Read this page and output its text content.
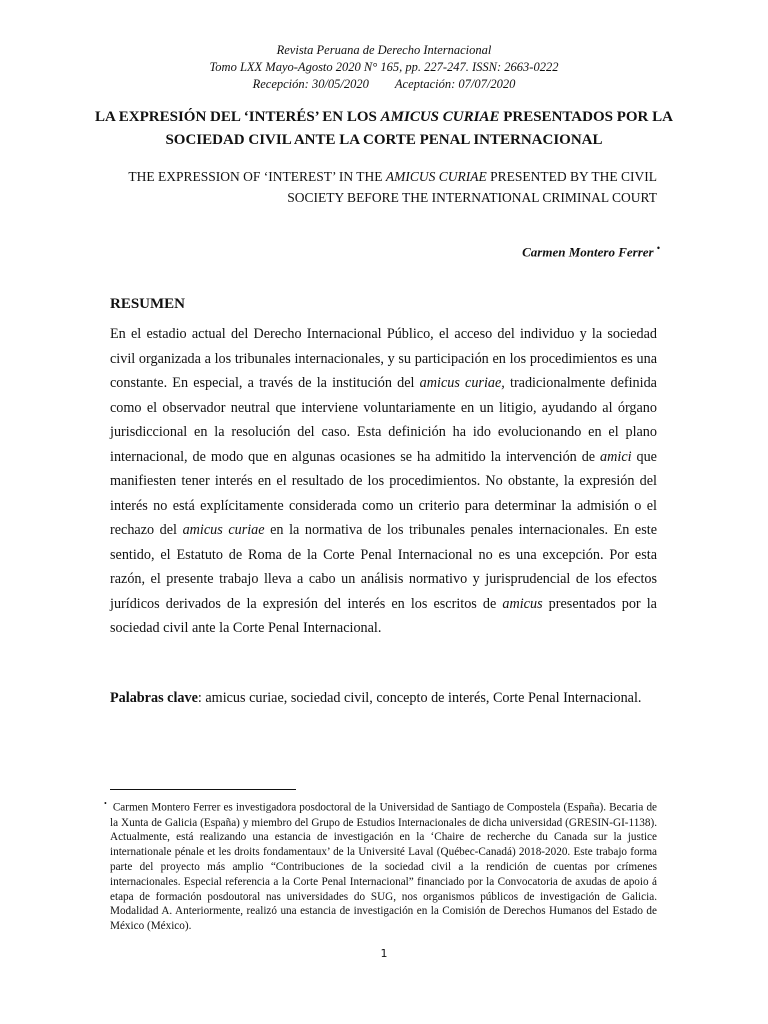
Revista Peruana de Derecho Internacional
Tomo LXX Mayo-Agosto 2020 N° 165, pp. 227-247. ISSN: 2663-0222
Recepción: 30/05/2020 Aceptación: 07/07/2020
LA EXPRESIÓN DEL ‘INTERÉS’ EN LOS AMICUS CURIAE PRESENTADOS POR LA SOCIEDAD CIVIL ANTE LA CORTE PENAL INTERNACIONAL
THE EXPRESSION OF ‘INTEREST’ IN THE AMICUS CURIAE PRESENTED BY THE CIVIL SOCIETY BEFORE THE INTERNATIONAL CRIMINAL COURT
Carmen Montero Ferrer •
RESUMEN

En el estadio actual del Derecho Internacional Público, el acceso del individuo y la sociedad civil organizada a los tribunales internacionales, y su participación en los procedimientos es una constante. En especial, a través de la institución del amicus curiae, tradicionalmente definida como el observador neutral que interviene voluntariamente en un litigio, ayudando al órgano jurisdiccional en la resolución del caso. Esta definición ha ido evolucionando en el plano internacional, de modo que en algunas ocasiones se ha admitido la intervención de amici que manifiesten tener interés en el resultado de los procedimientos. No obstante, la expresión del interés no está explícitamente considerada como un criterio para determinar la admisión o el rechazo del amicus curiae en la normativa de los tribunales penales internacionales. En este sentido, el Estatuto de Roma de la Corte Penal Internacional no es una excepción. Por esta razón, el presente trabajo lleva a cabo un análisis normativo y jurisprudencial de los efectos jurídicos derivados de la expresión del interés en los escritos de amicus presentados por la sociedad civil ante la Corte Penal Internacional.

Palabras clave: amicus curiae, sociedad civil, concepto de interés, Corte Penal Internacional.
• Carmen Montero Ferrer es investigadora posdoctoral de la Universidad de Santiago de Compostela (España). Becaria de la Xunta de Galicia (España) y miembro del Grupo de Estudios Internacionales de dicha universidad (GRESIN-GI-1138). Actualmente, está realizando una estancia de investigación en la ‘Chaire de recherche du Canada sur la justice internationale pénale et les droits fondamentaux’ de la Université Laval (Québec-Canadá) 2018-2020. Este trabajo forma parte del proyecto más amplio “Contribuciones de la sociedad civil a la rendición de cuentas por crímenes internacionales. Especial referencia a la Corte Penal Internacional” financiado por la Convocatoria de axudas de apoio á etapa de formación posdoutoral nas universidades do SUG, nos organismos públicos de investigación de Galicia. Modalidad A. Anteriormente, realizó una estancia de investigación en la Comisión de Derechos Humanos del Estado de México (México).
1
